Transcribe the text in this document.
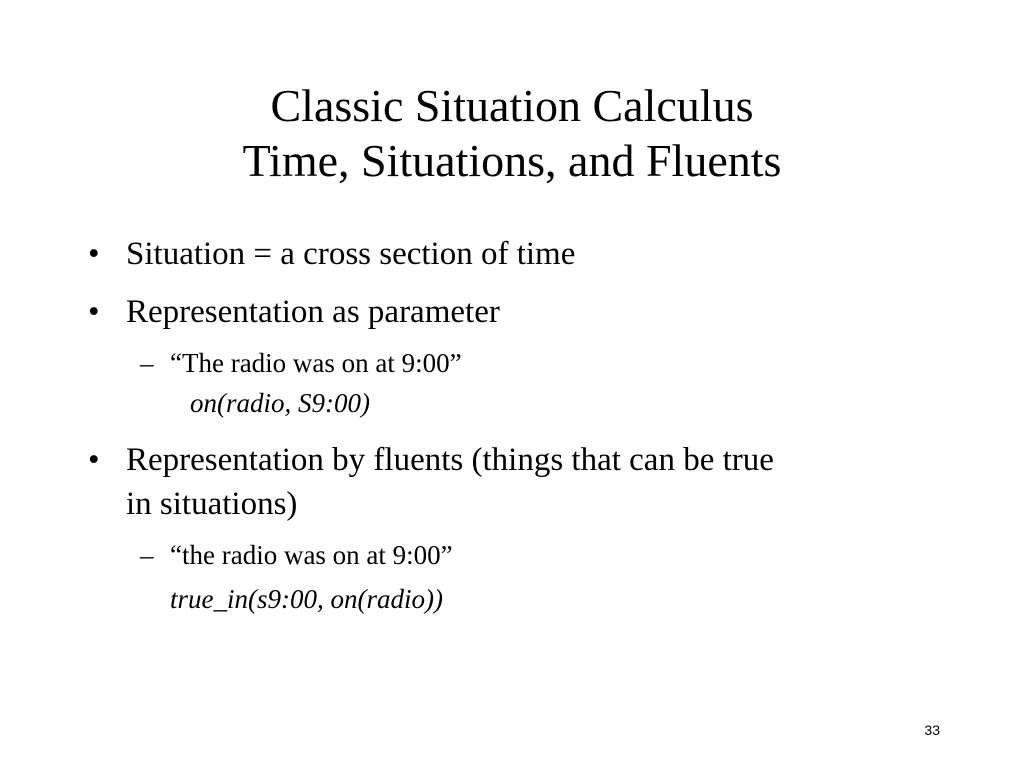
Classic Situation Calculus
Time, Situations, and Fluents
• Situation = a cross section of time
• Representation as parameter
– “The radio was on at 9:00”
on(radio, S9:00)
• Representation by fluents (things that can be true
in situations)
– “the radio was on at 9:00”
true_in(s9:00, on(radio))
33
